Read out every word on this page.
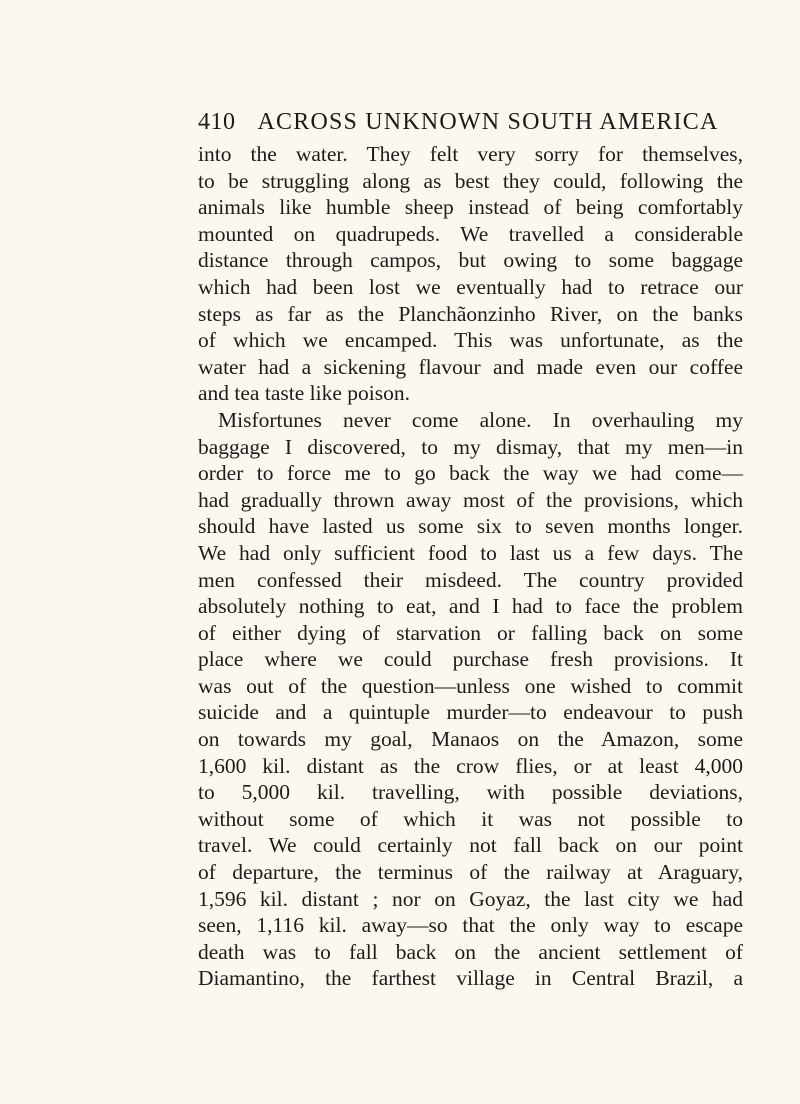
410 ACROSS UNKNOWN SOUTH AMERICA
into the water. They felt very sorry for themselves,
to be struggling along as best they could, following the
animals like humble sheep instead of being comfortably
mounted on quadrupeds. We travelled a considerable
distance through campos, but owing to some baggage
which had been lost we eventually had to retrace our
steps as far as the Planchãonzinho River, on the banks
of which we encamped. This was unfortunate, as the
water had a sickening flavour and made even our coffee
and tea taste like poison.
Misfortunes never come alone. In overhauling my
baggage I discovered, to my dismay, that my men—in
order to force me to go back the way we had come—
had gradually thrown away most of the provisions, which
should have lasted us some six to seven months longer.
We had only sufficient food to last us a few days. The
men confessed their misdeed. The country provided
absolutely nothing to eat, and I had to face the problem
of either dying of starvation or falling back on some
place where we could purchase fresh provisions. It
was out of the question—unless one wished to commit
suicide and a quintuple murder—to endeavour to push
on towards my goal, Manaos on the Amazon, some
1,600 kil. distant as the crow flies, or at least 4,000
to 5,000 kil. travelling, with possible deviations,
without some of which it was not possible to
travel. We could certainly not fall back on our point
of departure, the terminus of the railway at Araguary,
1,596 kil. distant ; nor on Goyaz, the last city we had
seen, 1,116 kil. away—so that the only way to escape
death was to fall back on the ancient settlement of
Diamantino, the farthest village in Central Brazil, a
